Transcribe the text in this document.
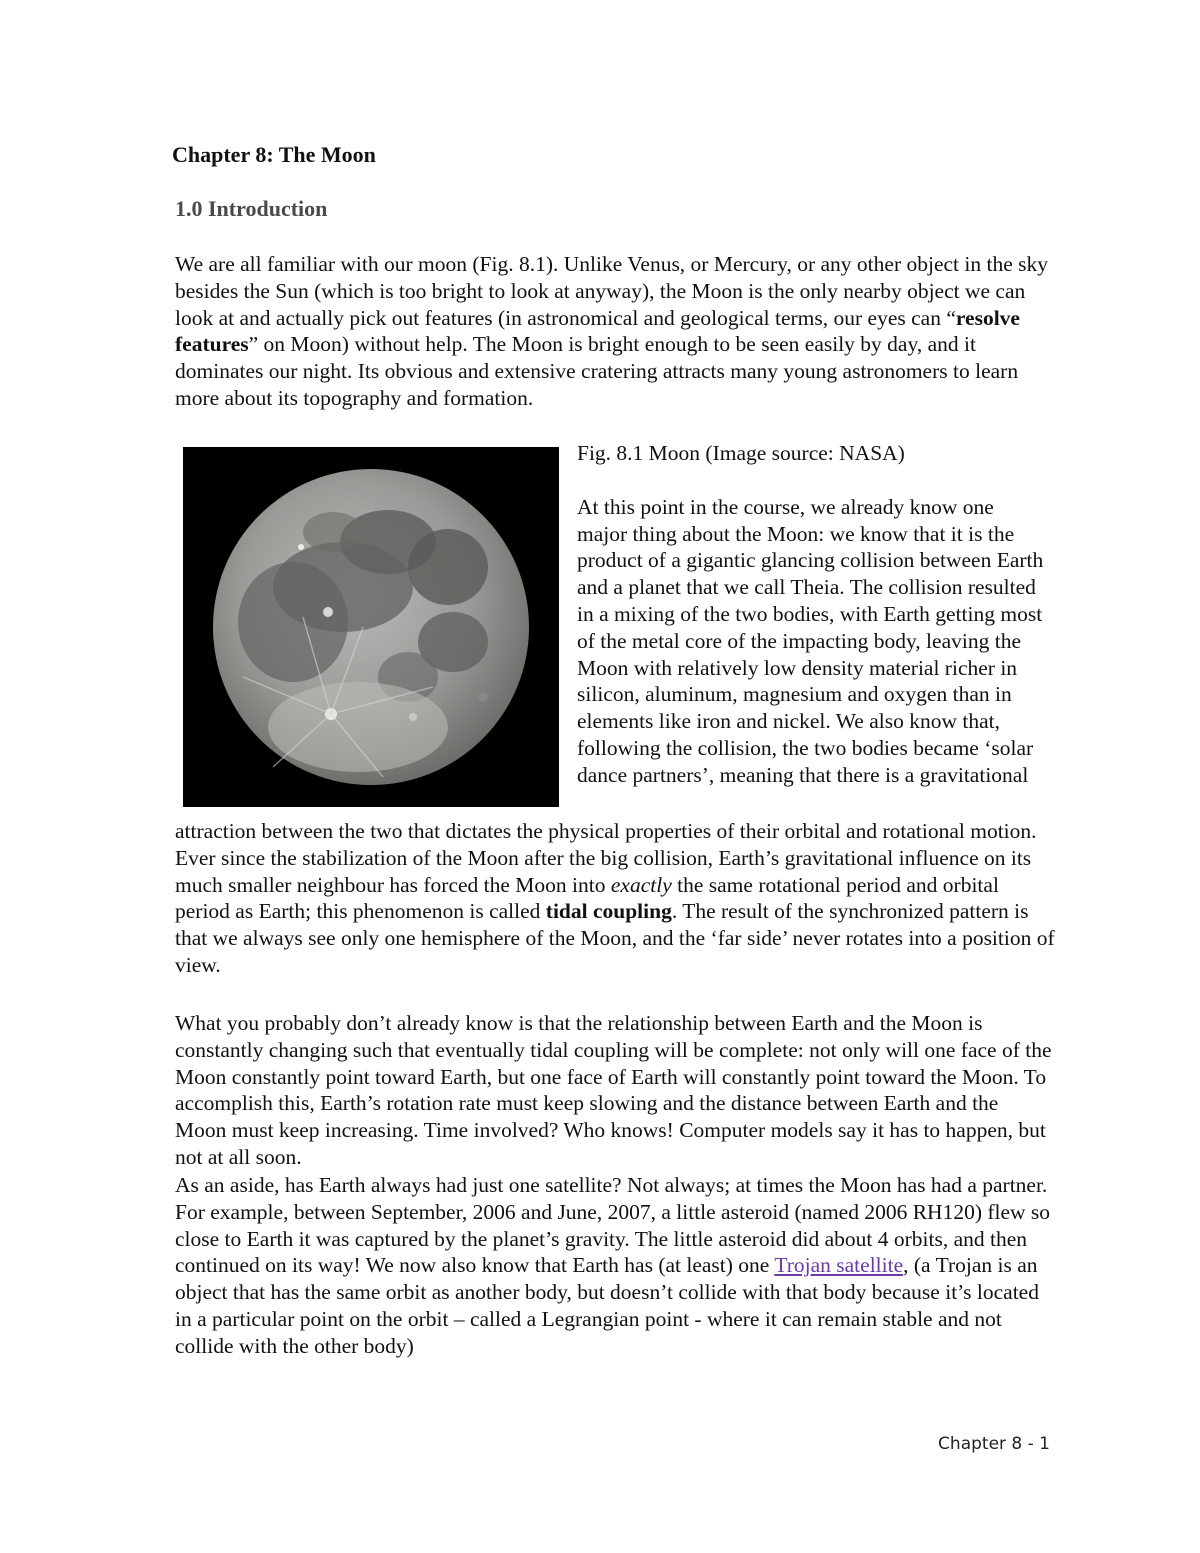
Chapter 8: The Moon
1.0 Introduction

We are all familiar with our moon (Fig. 8.1). Unlike Venus, or Mercury, or any other object in the sky besides the Sun (which is too bright to look at anyway), the Moon is the only nearby object we can look at and actually pick out features (in astronomical and geological terms, our eyes can “resolve features” on Moon) without help. The Moon is bright enough to be seen easily by day, and it dominates our night. Its obvious and extensive cratering attracts many young astronomers to learn more about its topography and formation.

Fig. 8.1 Moon (Image source: NASA)

At this point in the course, we already know one major thing about the Moon: we know that it is the product of a gigantic glancing collision between Earth and a planet that we call Theia. The collision resulted in a mixing of the two bodies, with Earth getting most of the metal core of the impacting body, leaving the Moon with relatively low density material richer in silicon, aluminum, magnesium and oxygen than in elements like iron and nickel. We also know that, following the collision, the two bodies became ‘solar dance partners’, meaning that there is a gravitational

attraction between the two that dictates the physical properties of their orbital and rotational motion. Ever since the stabilization of the Moon after the big collision, Earth’s gravitational influence on its much smaller neighbour has forced the Moon into exactly the same rotational period and orbital period as Earth; this phenomenon is called tidal coupling. The result of the synchronized pattern is that we always see only one hemisphere of the Moon, and the ‘far side’ never rotates into a position of view.

What you probably don’t already know is that the relationship between Earth and the Moon is constantly changing such that eventually tidal coupling will be complete: not only will one face of the Moon constantly point toward Earth, but one face of Earth will constantly point toward the Moon. To accomplish this, Earth’s rotation rate must keep slowing and the distance between Earth and the Moon must keep increasing. Time involved? Who knows! Computer models say it has to happen, but not at all soon.

As an aside, has Earth always had just one satellite? Not always; at times the Moon has had a partner. For example, between September, 2006 and June, 2007, a little asteroid (named 2006 RH120) flew so close to Earth it was captured by the planet’s gravity. The little asteroid did about 4 orbits, and then continued on its way! We now also know that Earth has (at least) one Trojan satellite, (a Trojan is an object that has the same orbit as another body, but doesn’t collide with that body because it’s located in a particular point on the orbit – called a Legrangian point - where it can remain stable and not collide with the other body)

Chapter 8 - 1
